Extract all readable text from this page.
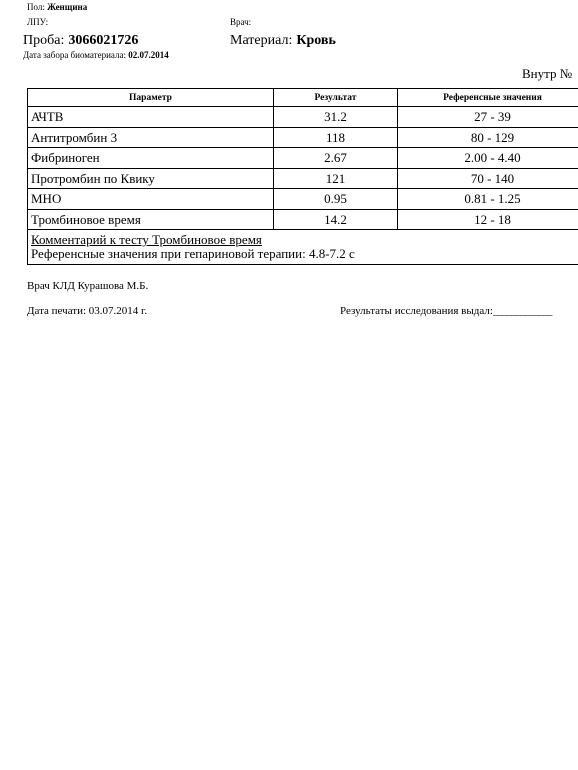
Пол: Женщина
ЛПУ:	Врач:
Проба: 3066021726	Материал: Кровь
Дата забора биоматериала: 02.07.2014
Внутр №
Параметр	Результат	Референсные значения
АЧТВ	31.2	27 - 39
Антитромбин 3	118	80 - 129
Фибриноген	2.67	2.00 - 4.40
Протромбин по Квику	121	70 - 140
МНО	0.95	0.81 - 1.25
Тромбиновое время	14.2	12 - 18

Комментарий к тесту Тромбиновое время
Референсные значения при гепариновой терапии: 4.8-7.2 с		
Врач КЛД Курашова М.Б.
Дата печати: 03.07.2014 г.	Результаты исследования выдал:_____________
